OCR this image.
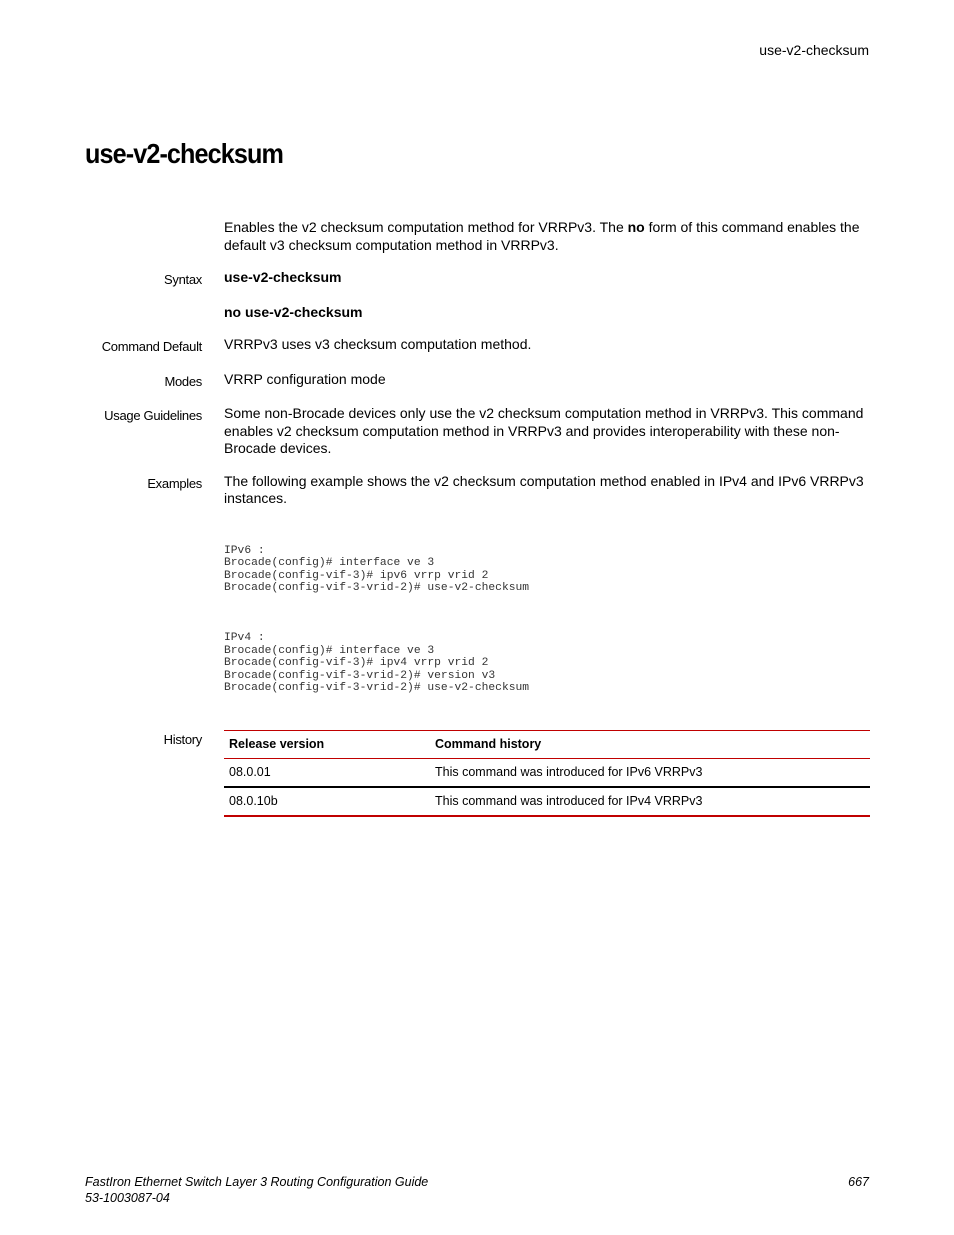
use-v2-checksum
use-v2-checksum
Enables the v2 checksum computation method for VRRPv3. The no form of this command enables the default v3 checksum computation method in VRRPv3.
Syntax use-v2-checksum
no use-v2-checksum
Command Default VRRPv3 uses v3 checksum computation method.
Modes VRRP configuration mode
Usage Guidelines Some non-Brocade devices only use the v2 checksum computation method in VRRPv3. This command enables v2 checksum computation method in VRRPv3 and provides interoperability with these non-Brocade devices.
Examples The following example shows the v2 checksum computation method enabled in IPv4 and IPv6 VRRPv3 instances.

IPv6 :
Brocade(config)# interface ve 3
Brocade(config-vif-3)# ipv6 vrrp vrid 2
Brocade(config-vif-3-vrid-2)# use-v2-checksum

IPv4 :
Brocade(config)# interface ve 3
Brocade(config-vif-3)# ipv4 vrrp vrid 2
Brocade(config-vif-3-vrid-2)# version v3
Brocade(config-vif-3-vrid-2)# use-v2-checksum

History Release version	Command history
08.0.01	This command was introduced for IPv6 VRRPv3
08.0.10b	This command was introduced for IPv4 VRRPv3
FastIron Ethernet Switch Layer 3 Routing Configuration Guide
53-1003087-04
667
